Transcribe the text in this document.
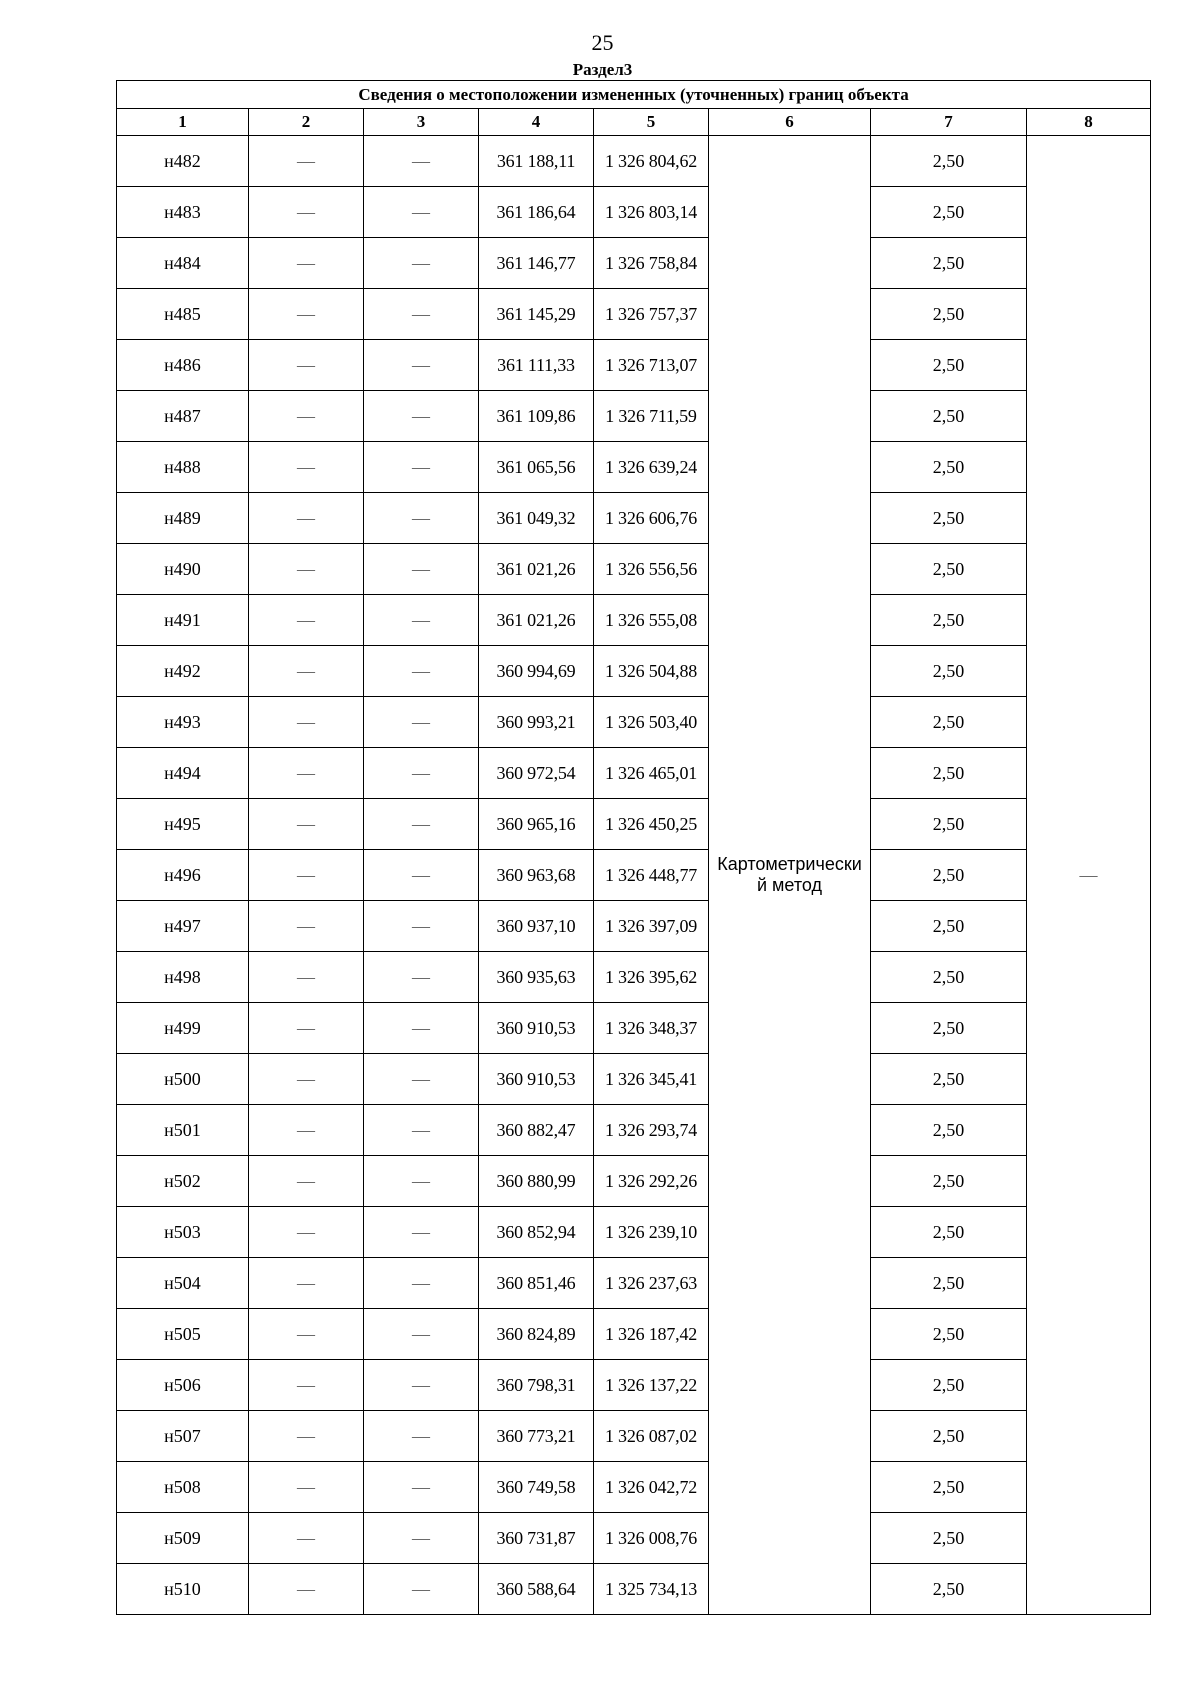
25
Раздел3
Сведения о местоположении измененных (уточненных) границ объекта							
1	2	3	4	5	6	7	8
н482	—	—	361 188,11	1 326 804,62	Картометрический метод	2,50	—
н483	—	—	361 186,64	1 326 803,14		2,50	
н484	—	—	361 146,77	1 326 758,84		2,50	
н485	—	—	361 145,29	1 326 757,37		2,50	
н486	—	—	361 111,33	1 326 713,07		2,50	
н487	—	—	361 109,86	1 326 711,59		2,50	
н488	—	—	361 065,56	1 326 639,24		2,50	
н489	—	—	361 049,32	1 326 606,76		2,50	
н490	—	—	361 021,26	1 326 556,56		2,50	
н491	—	—	361 021,26	1 326 555,08		2,50	
н492	—	—	360 994,69	1 326 504,88		2,50	
н493	—	—	360 993,21	1 326 503,40		2,50	
н494	—	—	360 972,54	1 326 465,01		2,50	
н495	—	—	360 965,16	1 326 450,25		2,50	
н496	—	—	360 963,68	1 326 448,77		2,50	
н497	—	—	360 937,10	1 326 397,09		2,50	
н498	—	—	360 935,63	1 326 395,62		2,50	
н499	—	—	360 910,53	1 326 348,37		2,50	
н500	—	—	360 910,53	1 326 345,41		2,50	
н501	—	—	360 882,47	1 326 293,74		2,50	
н502	—	—	360 880,99	1 326 292,26		2,50	
н503	—	—	360 852,94	1 326 239,10		2,50	
н504	—	—	360 851,46	1 326 237,63		2,50	
н505	—	—	360 824,89	1 326 187,42		2,50	
н506	—	—	360 798,31	1 326 137,22		2,50	
н507	—	—	360 773,21	1 326 087,02		2,50	
н508	—	—	360 749,58	1 326 042,72		2,50	
н509	—	—	360 731,87	1 326 008,76		2,50	
н510	—	—	360 588,64	1 325 734,13		2,50	
